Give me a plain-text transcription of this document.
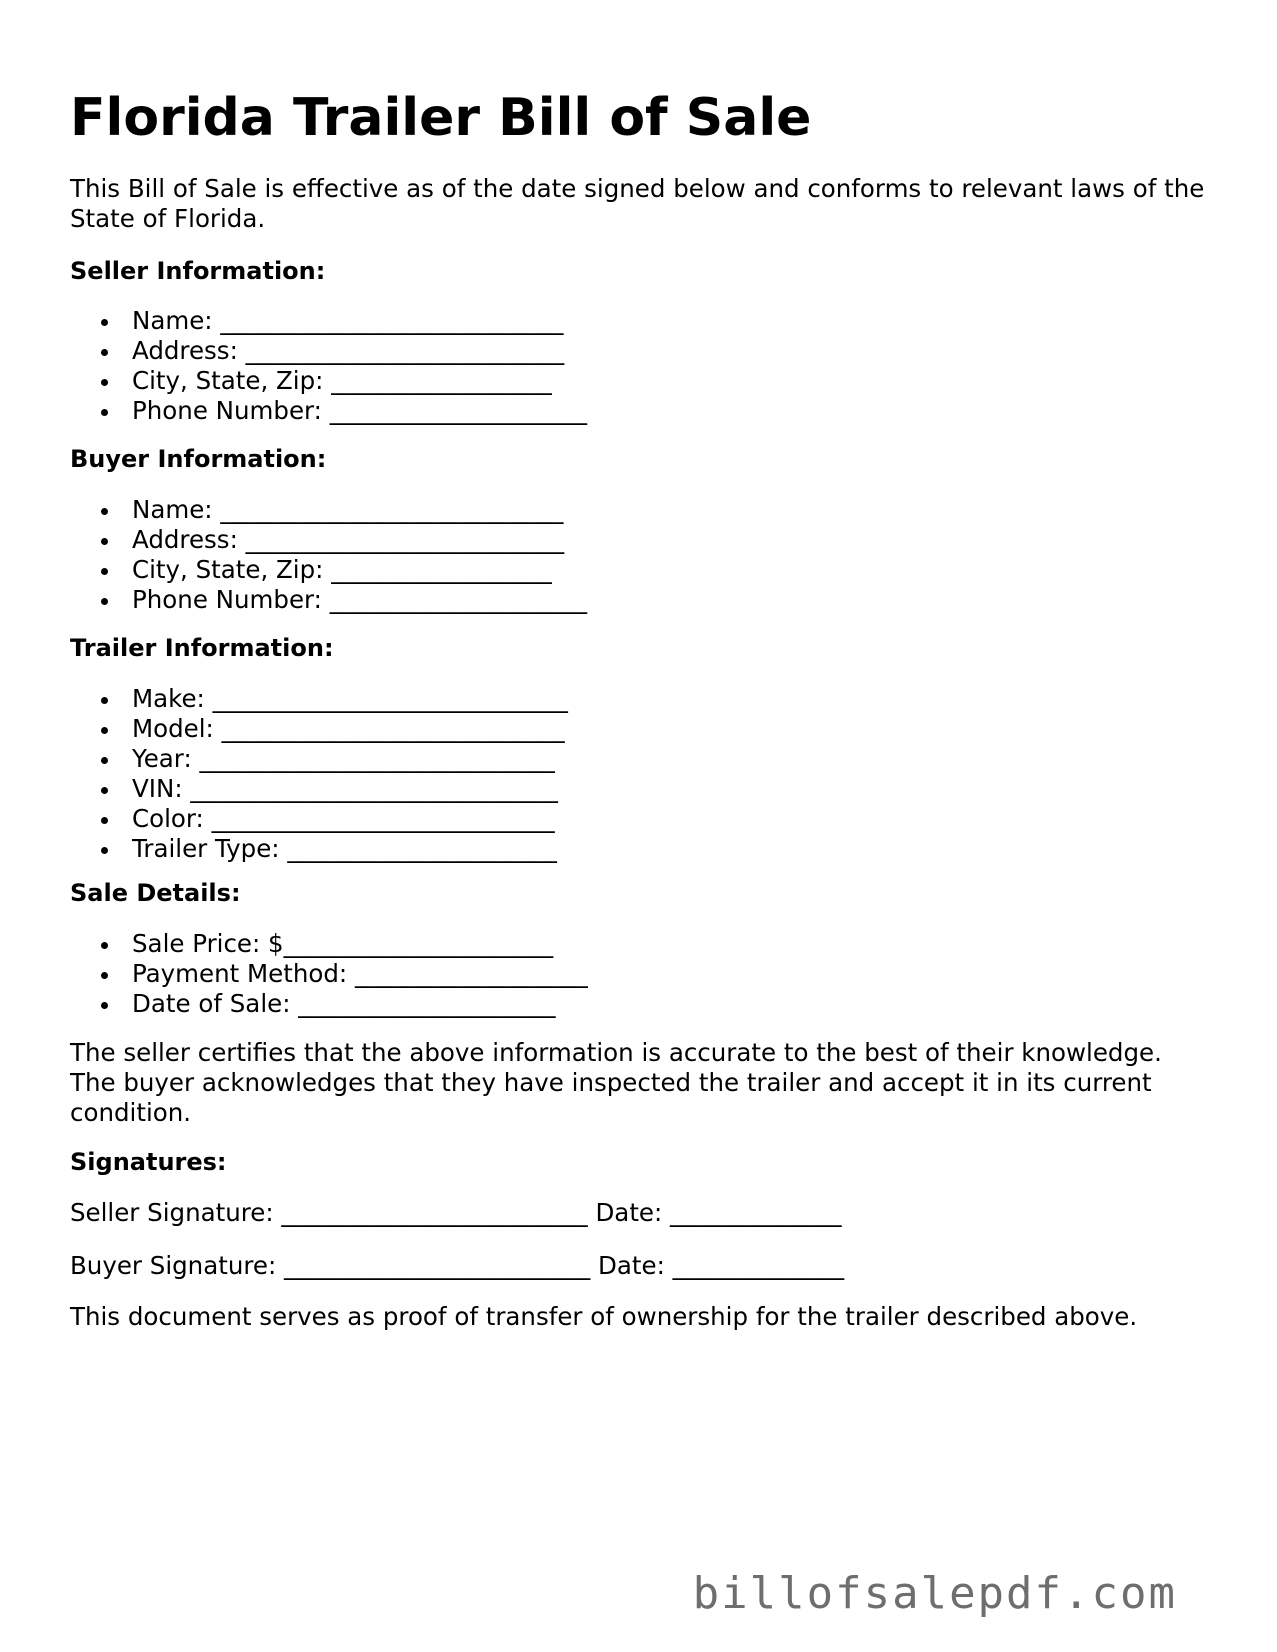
Florida Trailer Bill of Sale

This Bill of Sale is effective as of the date signed below and conforms to relevant laws of the State of Florida.

Seller Information:

Name: ____________________________
Address: __________________________
City, State, Zip: __________________
Phone Number: _____________________

Buyer Information:

Name: ____________________________
Address: __________________________
City, State, Zip: __________________
Phone Number: _____________________

Trailer Information:

Make: _____________________________
Model: ____________________________
Year: _____________________________
VIN: ______________________________
Color: ____________________________
Trailer Type: ______________________

Sale Details:

Sale Price: $______________________
Payment Method: ___________________
Date of Sale: _____________________

The seller certifies that the above information is accurate to the best of their knowledge. The buyer acknowledges that they have inspected the trailer and accept it in its current condition.

Signatures:

Seller Signature: _________________________ Date: ______________

Buyer Signature: _________________________ Date: ______________

This document serves as proof of transfer of ownership for the trailer described above.

billofsalepdf.com
